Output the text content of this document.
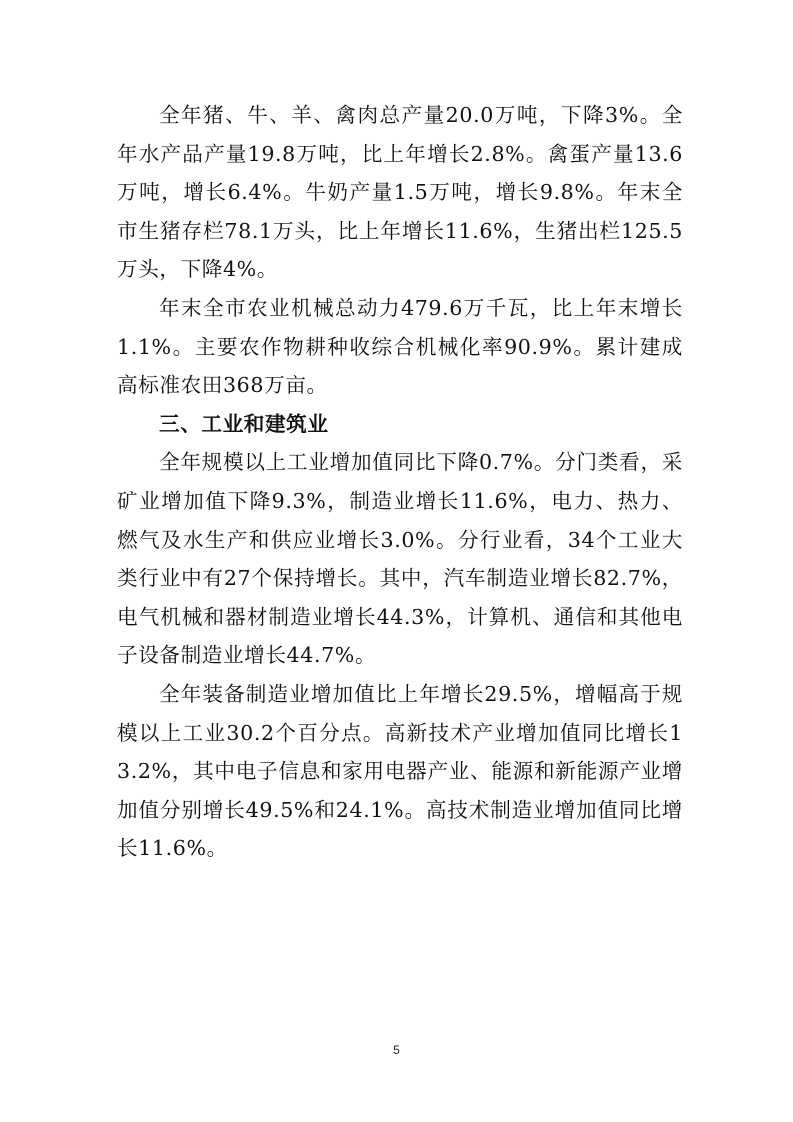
全年猪、牛、羊、禽肉总产量20.0万吨，下降3%。全年水产品产量19.8万吨，比上年增长2.8%。禽蛋产量13.6万吨，增长6.4%。牛奶产量1.5万吨，增长9.8%。年末全市生猪存栏78.1万头，比上年增长11.6%，生猪出栏125.5万头，下降4%。

年末全市农业机械总动力479.6万千瓦，比上年末增长1.1%。主要农作物耕种收综合机械化率90.9%。累计建成高标准农田368万亩。

三、工业和建筑业

全年规模以上工业增加值同比下降0.7%。分门类看，采矿业增加值下降9.3%，制造业增长11.6%，电力、热力、燃气及水生产和供应业增长3.0%。分行业看，34个工业大类行业中有27个保持增长。其中，汽车制造业增长82.7%，电气机械和器材制造业增长44.3%，计算机、通信和其他电子设备制造业增长44.7%。

全年装备制造业增加值比上年增长29.5%，增幅高于规模以上工业30.2个百分点。高新技术产业增加值同比增长13.2%，其中电子信息和家用电器产业、能源和新能源产业增加值分别增长49.5%和24.1%。高技术制造业增加值同比增长11.6%。

5
